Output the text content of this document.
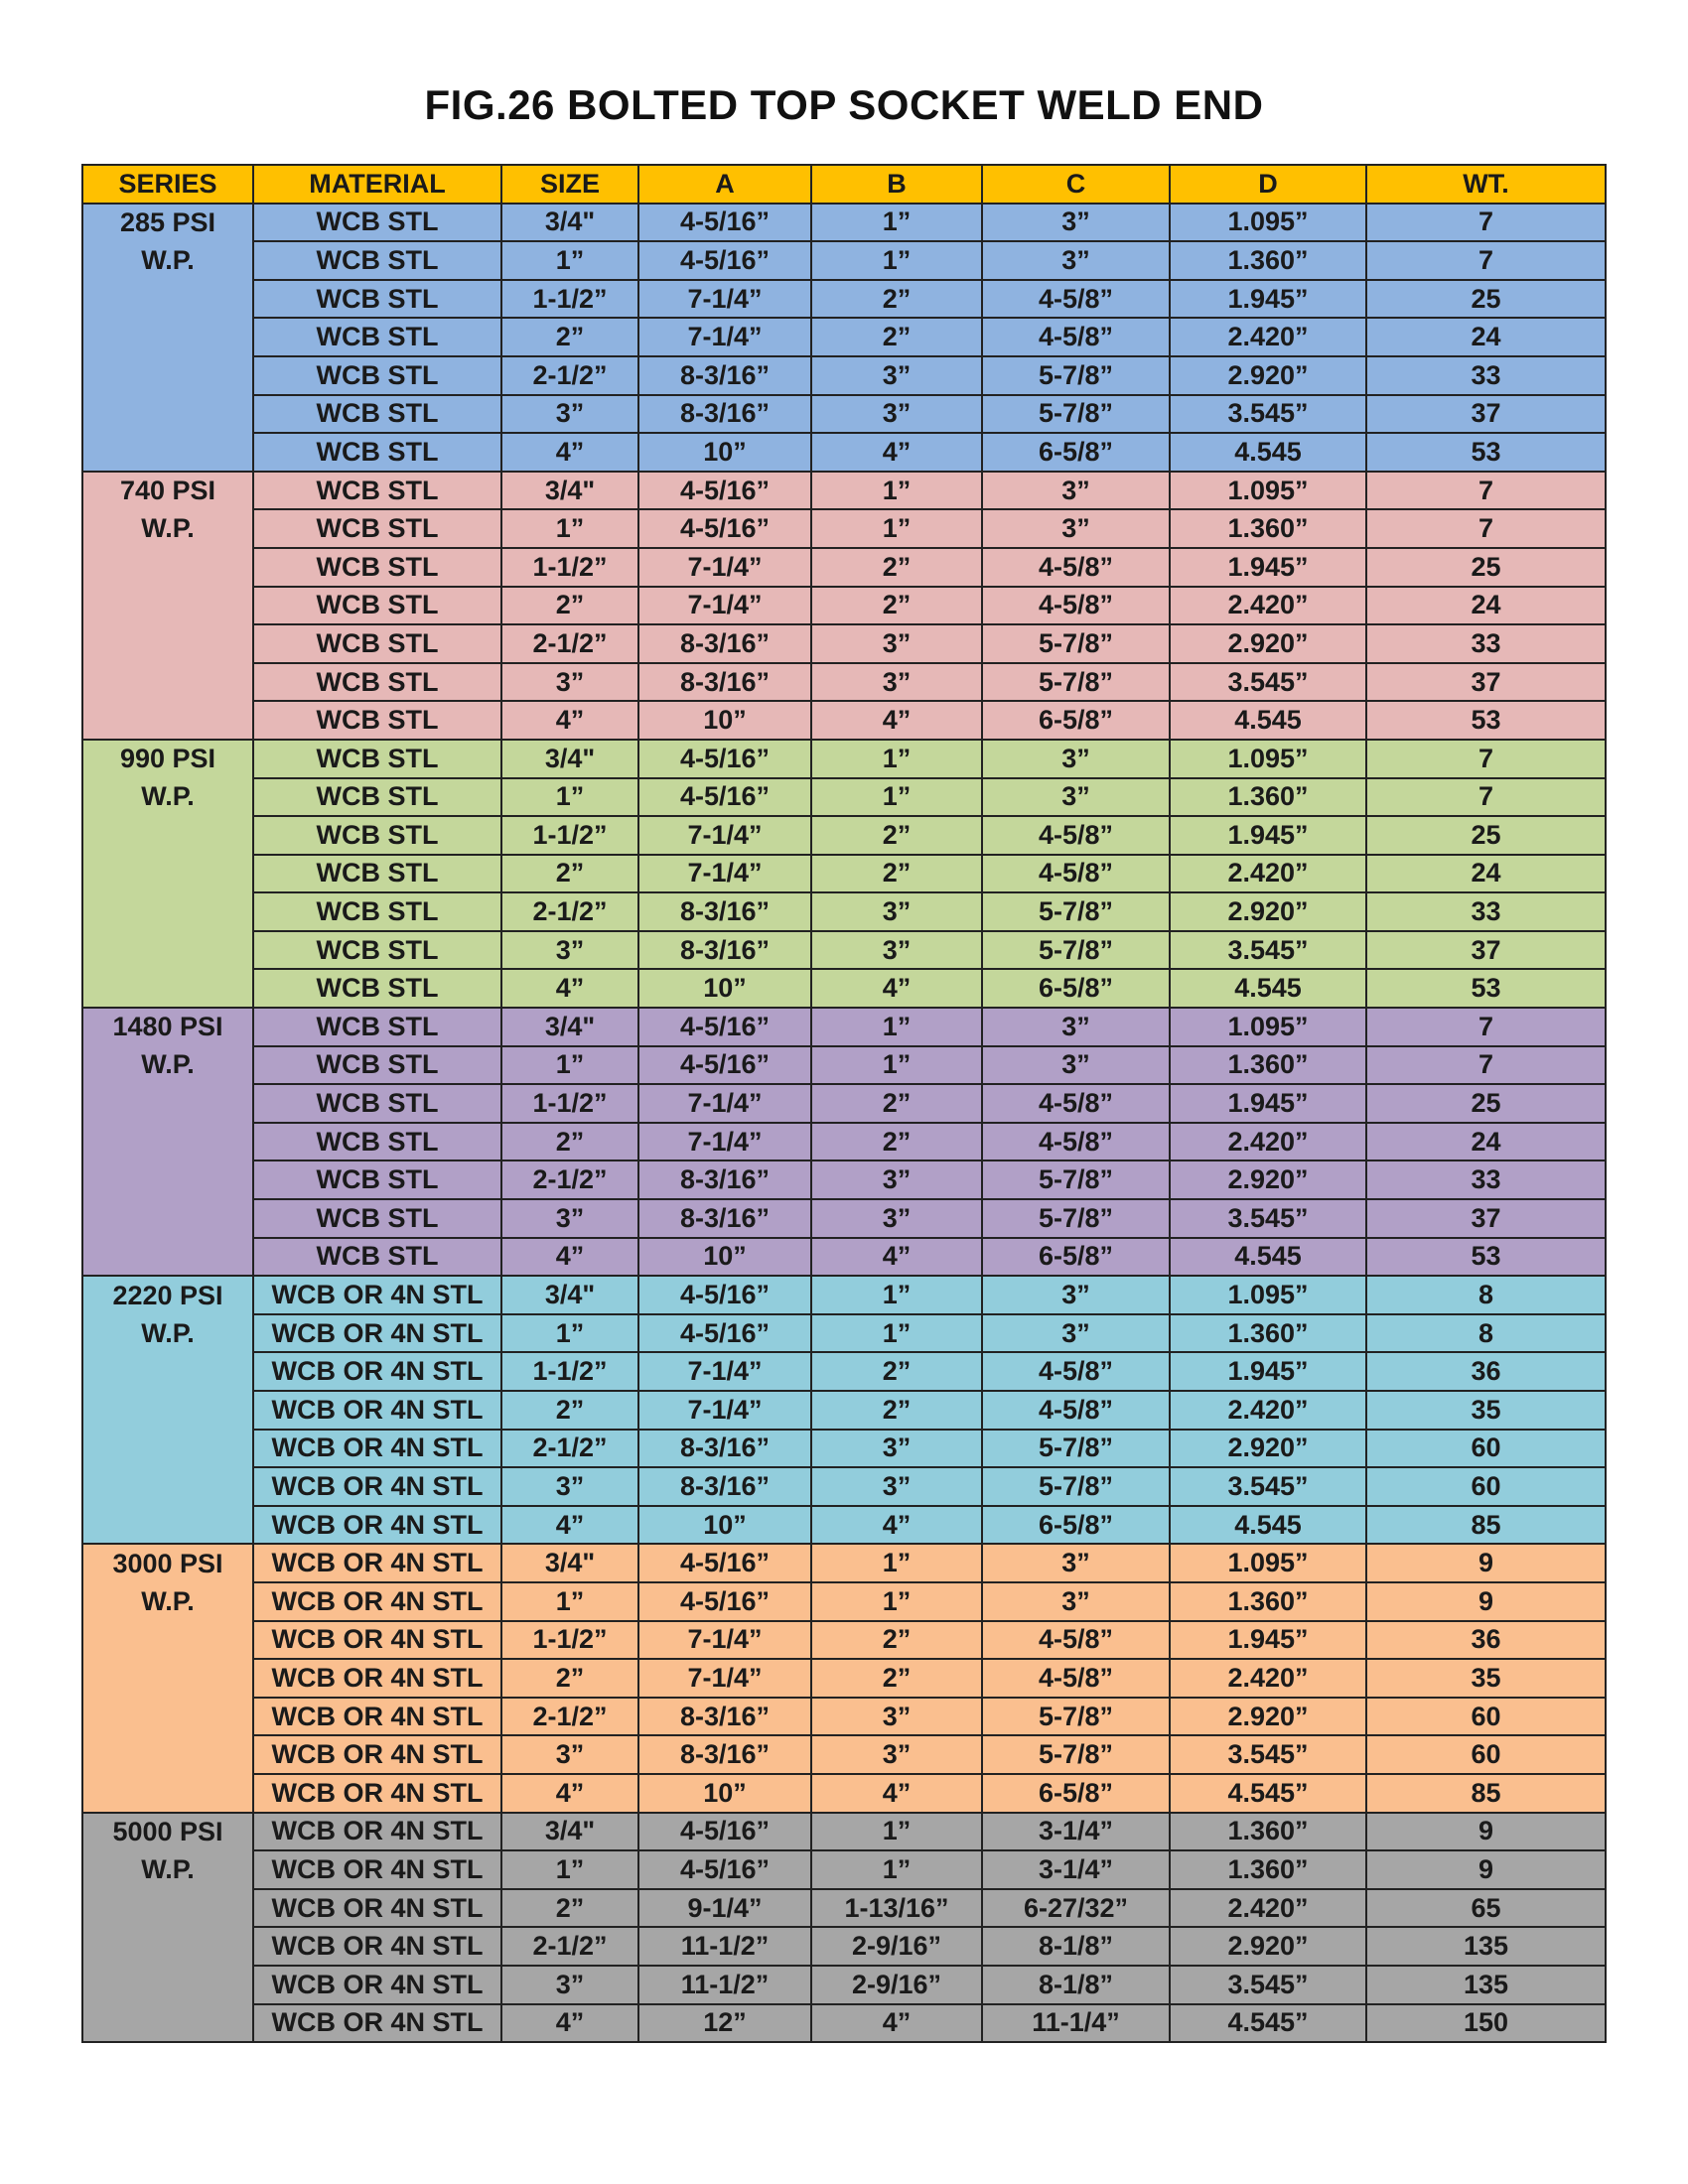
FIG.26 BOLTED TOP SOCKET WELD END
SERIES	MATERIAL	SIZE	A	B	C	D	WT.
285 PSI	WCB STL	3/4"	4-5/16”	1”	3”	1.095”	7
W.P.	WCB STL	1”	4-5/16”	1”	3”	1.360”	7
	WCB STL	1-1/2”	7-1/4”	2”	4-5/8”	1.945”	25
	WCB STL	2”	7-1/4”	2”	4-5/8”	2.420”	24
	WCB STL	2-1/2”	8-3/16”	3”	5-7/8”	2.920”	33
	WCB STL	3”	8-3/16”	3”	5-7/8”	3.545”	37
	WCB STL	4”	10”	4”	6-5/8”	4.545	53
740 PSI	WCB STL	3/4"	4-5/16”	1”	3”	1.095”	7
W.P.	WCB STL	1”	4-5/16”	1”	3”	1.360”	7
	WCB STL	1-1/2”	7-1/4”	2”	4-5/8”	1.945”	25
	WCB STL	2”	7-1/4”	2”	4-5/8”	2.420”	24
	WCB STL	2-1/2”	8-3/16”	3”	5-7/8”	2.920”	33
	WCB STL	3”	8-3/16”	3”	5-7/8”	3.545”	37
	WCB STL	4”	10”	4”	6-5/8”	4.545	53
990 PSI	WCB STL	3/4"	4-5/16”	1”	3”	1.095”	7
W.P.	WCB STL	1”	4-5/16”	1”	3”	1.360”	7
	WCB STL	1-1/2”	7-1/4”	2”	4-5/8”	1.945”	25
	WCB STL	2”	7-1/4”	2”	4-5/8”	2.420”	24
	WCB STL	2-1/2”	8-3/16”	3”	5-7/8”	2.920”	33
	WCB STL	3”	8-3/16”	3”	5-7/8”	3.545”	37
	WCB STL	4”	10”	4”	6-5/8”	4.545	53
1480 PSI	WCB STL	3/4"	4-5/16”	1”	3”	1.095”	7
W.P.	WCB STL	1”	4-5/16”	1”	3”	1.360”	7
	WCB STL	1-1/2”	7-1/4”	2”	4-5/8”	1.945”	25
	WCB STL	2”	7-1/4”	2”	4-5/8”	2.420”	24
	WCB STL	2-1/2”	8-3/16”	3”	5-7/8”	2.920”	33
	WCB STL	3”	8-3/16”	3”	5-7/8”	3.545”	37
	WCB STL	4”	10”	4”	6-5/8”	4.545	53
2220 PSI	WCB OR 4N STL	3/4"	4-5/16”	1”	3”	1.095”	8
W.P.	WCB OR 4N STL	1”	4-5/16”	1”	3”	1.360”	8
	WCB OR 4N STL	1-1/2”	7-1/4”	2”	4-5/8”	1.945”	36
	WCB OR 4N STL	2”	7-1/4”	2”	4-5/8”	2.420”	35
	WCB OR 4N STL	2-1/2”	8-3/16”	3”	5-7/8”	2.920”	60
	WCB OR 4N STL	3”	8-3/16”	3”	5-7/8”	3.545”	60
	WCB OR 4N STL	4”	10”	4”	6-5/8”	4.545	85
3000 PSI	WCB OR 4N STL	3/4"	4-5/16”	1”	3”	1.095”	9
W.P.	WCB OR 4N STL	1”	4-5/16”	1”	3”	1.360”	9
	WCB OR 4N STL	1-1/2”	7-1/4”	2”	4-5/8”	1.945”	36
	WCB OR 4N STL	2”	7-1/4”	2”	4-5/8”	2.420”	35
	WCB OR 4N STL	2-1/2”	8-3/16”	3”	5-7/8”	2.920”	60
	WCB OR 4N STL	3”	8-3/16”	3”	5-7/8”	3.545”	60
	WCB OR 4N STL	4”	10”	4”	6-5/8”	4.545”	85
5000 PSI	WCB OR 4N STL	3/4"	4-5/16”	1”	3-1/4”	1.360”	9
W.P.	WCB OR 4N STL	1”	4-5/16”	1”	3-1/4”	1.360”	9
	WCB OR 4N STL	2”	9-1/4”	1-13/16”	6-27/32”	2.420”	65
	WCB OR 4N STL	2-1/2”	11-1/2”	2-9/16”	8-1/8”	2.920”	135
	WCB OR 4N STL	3”	11-1/2”	2-9/16”	8-1/8”	3.545”	135
	WCB OR 4N STL	4”	12”	4”	11-1/4”	4.545”	150
